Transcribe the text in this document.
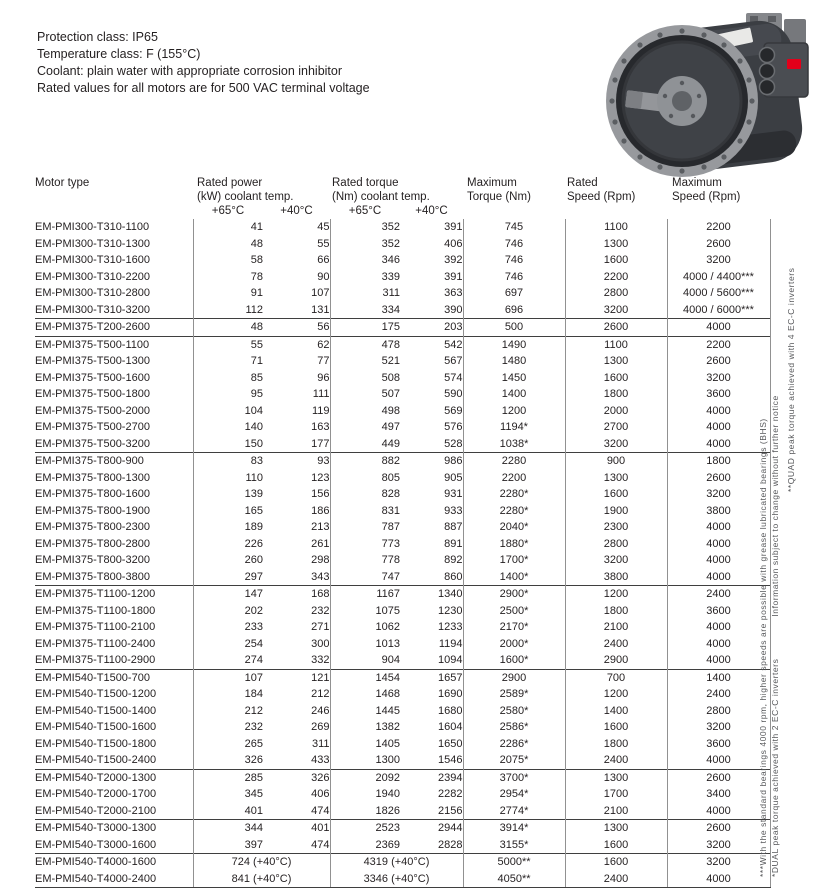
Protection class: IP65
Temperature class: F (155°C)
Coolant: plain water with appropriate corrosion inhibitor
Rated values for all motors are for 500 VAC terminal voltage
Motor type	Rated power		Rated torque		Maximum	Rated	Maximum
	(kW) coolant temp.		(Nm) coolant temp.		Torque (Nm)	Speed (Rpm)	Speed (Rpm)
	+65°C	+40°C	+65°C	+40°C			
EM-PMI300-T310-1100	41	45	352	391	745	1100	2200
EM-PMI300-T310-1300	48	55	352	406	746	1300	2600
EM-PMI300-T310-1600	58	66	346	392	746	1600	3200
EM-PMI300-T310-2200	78	90	339	391	746	2200	4000 / 4400***
EM-PMI300-T310-2800	91	107	311	363	697	2800	4000 / 5600***
EM-PMI300-T310-3200	112	131	334	390	696	3200	4000 / 6000***
EM-PMI375-T200-2600	48	56	175	203	500	2600	4000
EM-PMI375-T500-1100	55	62	478	542	1490	1100	2200
EM-PMI375-T500-1300	71	77	521	567	1480	1300	2600
EM-PMI375-T500-1600	85	96	508	574	1450	1600	3200
EM-PMI375-T500-1800	95	111	507	590	1400	1800	3600
EM-PMI375-T500-2000	104	119	498	569	1200	2000	4000
EM-PMI375-T500-2700	140	163	497	576	1194*	2700	4000
EM-PMI375-T500-3200	150	177	449	528	1038*	3200	4000
EM-PMI375-T800-900	83	93	882	986	2280	900	1800
EM-PMI375-T800-1300	110	123	805	905	2200	1300	2600
EM-PMI375-T800-1600	139	156	828	931	2280*	1600	3200
EM-PMI375-T800-1900	165	186	831	933	2280*	1900	3800
EM-PMI375-T800-2300	189	213	787	887	2040*	2300	4000
EM-PMI375-T800-2800	226	261	773	891	1880*	2800	4000
EM-PMI375-T800-3200	260	298	778	892	1700*	3200	4000
EM-PMI375-T800-3800	297	343	747	860	1400*	3800	4000
EM-PMI375-T1100-1200	147	168	1167	1340	2900*	1200	2400
EM-PMI375-T1100-1800	202	232	1075	1230	2500*	1800	3600
EM-PMI375-T1100-2100	233	271	1062	1233	2170*	2100	4000
EM-PMI375-T1100-2400	254	300	1013	1194	2000*	2400	4000
EM-PMI375-T1100-2900	274	332	904	1094	1600*	2900	4000
EM-PMI540-T1500-700	107	121	1454	1657	2900	700	1400
EM-PMI540-T1500-1200	184	212	1468	1690	2589*	1200	2400
EM-PMI540-T1500-1400	212	246	1445	1680	2580*	1400	2800
EM-PMI540-T1500-1600	232	269	1382	1604	2586*	1600	3200
EM-PMI540-T1500-1800	265	311	1405	1650	2286*	1800	3600
EM-PMI540-T1500-2400	326	433	1300	1546	2075*	2400	4000
EM-PMI540-T2000-1300	285	326	2092	2394	3700*	1300	2600
EM-PMI540-T2000-1700	345	406	1940	2282	2954*	1700	3400
EM-PMI540-T2000-2100	401	474	1826	2156	2774*	2100	4000
EM-PMI540-T3000-1300	344	401	2523	2944	3914*	1300	2600
EM-PMI540-T3000-1600	397	474	2369	2828	3155*	1600	3200
EM-PMI540-T4000-1600	724 (+40°C)		4319 (+40°C)		5000**	1600	3200
EM-PMI540-T4000-2400	841 (+40°C)		3346 (+40°C)		4050**	2400	4000
***With the standard bearings 4000 rpm, higher speeds are possible with grease lubricated bearings (BHS) *DUAL peak torque achieved with 2 EC-C invertersInformation subject to change without further notice
**QUAD peak torque achieved with 4 EC-C inverters
